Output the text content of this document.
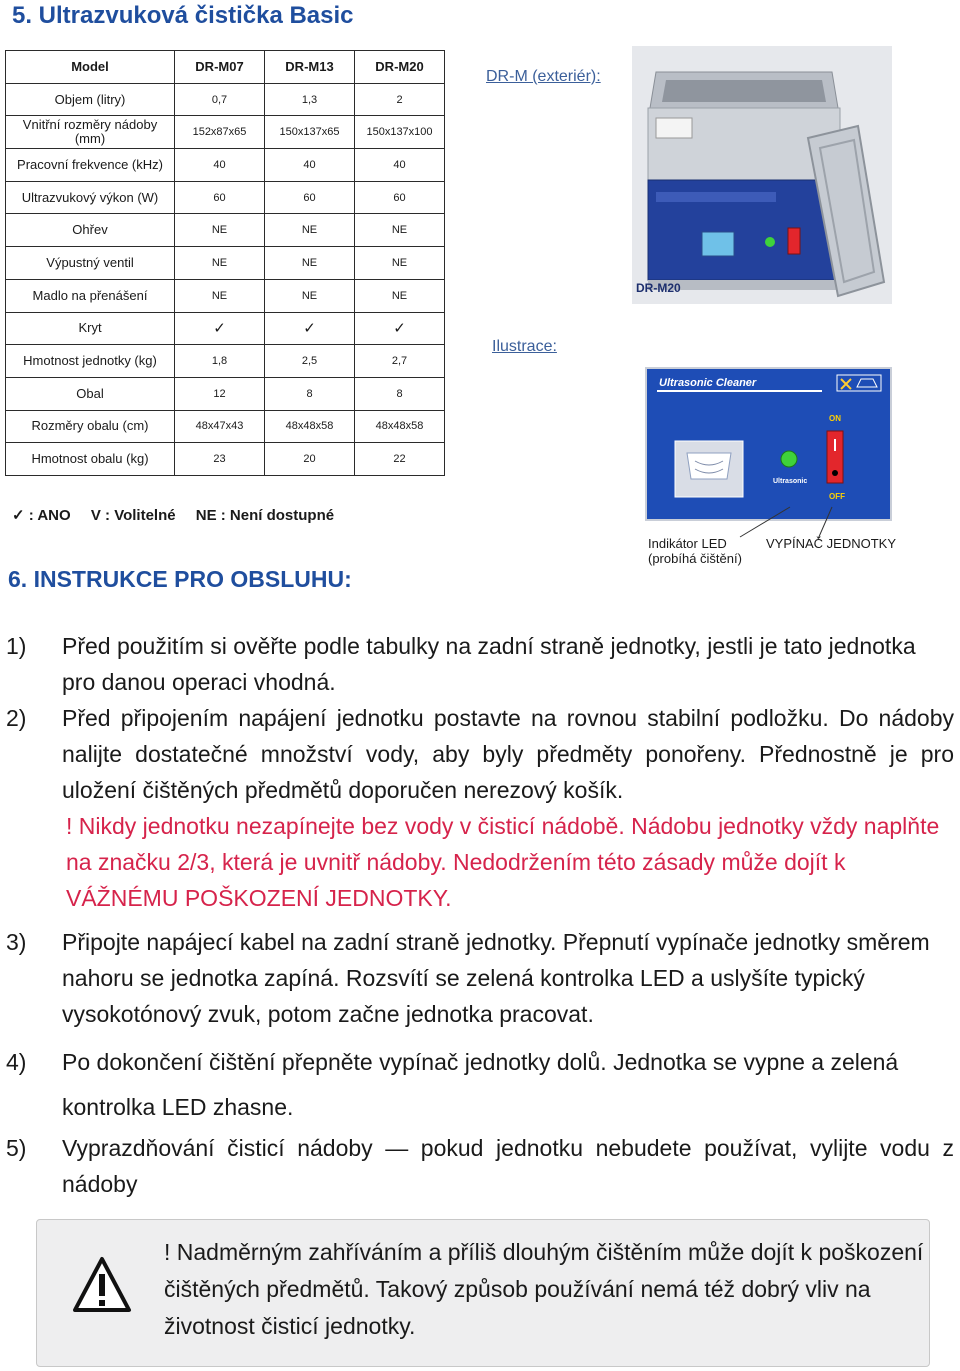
5. Ultrazvuková čistička Basic
Model	DR-M07	DR-M13	DR-M20
Objem (litry)	0,7	1,3	2
Vnitřní rozměry nádoby (mm)	152x87x65	150x137x65	150x137x100
Pracovní frekvence (kHz)	40	40	40
Ultrazvukový výkon (W)	60	60	60
Ohřev	NE	NE	NE
Výpustný ventil	NE	NE	NE
Madlo na přenášení	NE	NE	NE
Kryt	✓	✓	✓
Hmotnost jednotky (kg)	1,8	2,5	2,7
Obal	12	8	8
Rozměry obalu (cm)	48x47x43	48x48x58	48x48x58
Hmotnost obalu (kg)	23	20	22
✓ : ANO V : Volitelné NE : Není dostupné
DR-M (exteriér):
DR-M20
Ilustrace:
Ultrasonic Cleaner
Ultrasonic
ON
OFF
Indikátor LED
(probíhá čištění)
VYPÍNAČ JEDNOTKY
6. INSTRUKCE PRO OBSLUHU:
1) Před použitím si ověřte podle tabulky na zadní straně jednotky, jestli je tato jednotka pro danou operaci vhodná.
2) Před připojením napájení jednotku postavte na rovnou stabilní podložku. Do nádoby nalijte dostatečné množství vody, aby byly předměty ponořeny. Přednostně je pro uložení čištěných předmětů doporučen nerezový košík.
! Nikdy jednotku nezapínejte bez vody v čisticí nádobě. Nádobu jednotky vždy naplňte na značku 2/3, která je uvnitř nádoby. Nedodržením této zásady může dojít k VÁŽNÉMU POŠKOZENÍ JEDNOTKY.
3) Připojte napájecí kabel na zadní straně jednotky. Přepnutí vypínače jednotky směrem nahoru se jednotka zapíná. Rozsvítí se zelená kontrolka LED a uslyšíte typický vysokotónový zvuk, potom začne jednotka pracovat.
4) Po dokončení čištění přepněte vypínač jednotky dolů. Jednotka se vypne a zelená kontrolka LED zhasne.
5) Vyprazdňování čisticí nádoby — pokud jednotku nebudete používat, vylijte vodu z nádoby
! Nadměrným zahříváním a příliš dlouhým čištěním může dojít k poškození čištěných předmětů. Takový způsob používání nemá též dobrý vliv na životnost čisticí jednotky.
